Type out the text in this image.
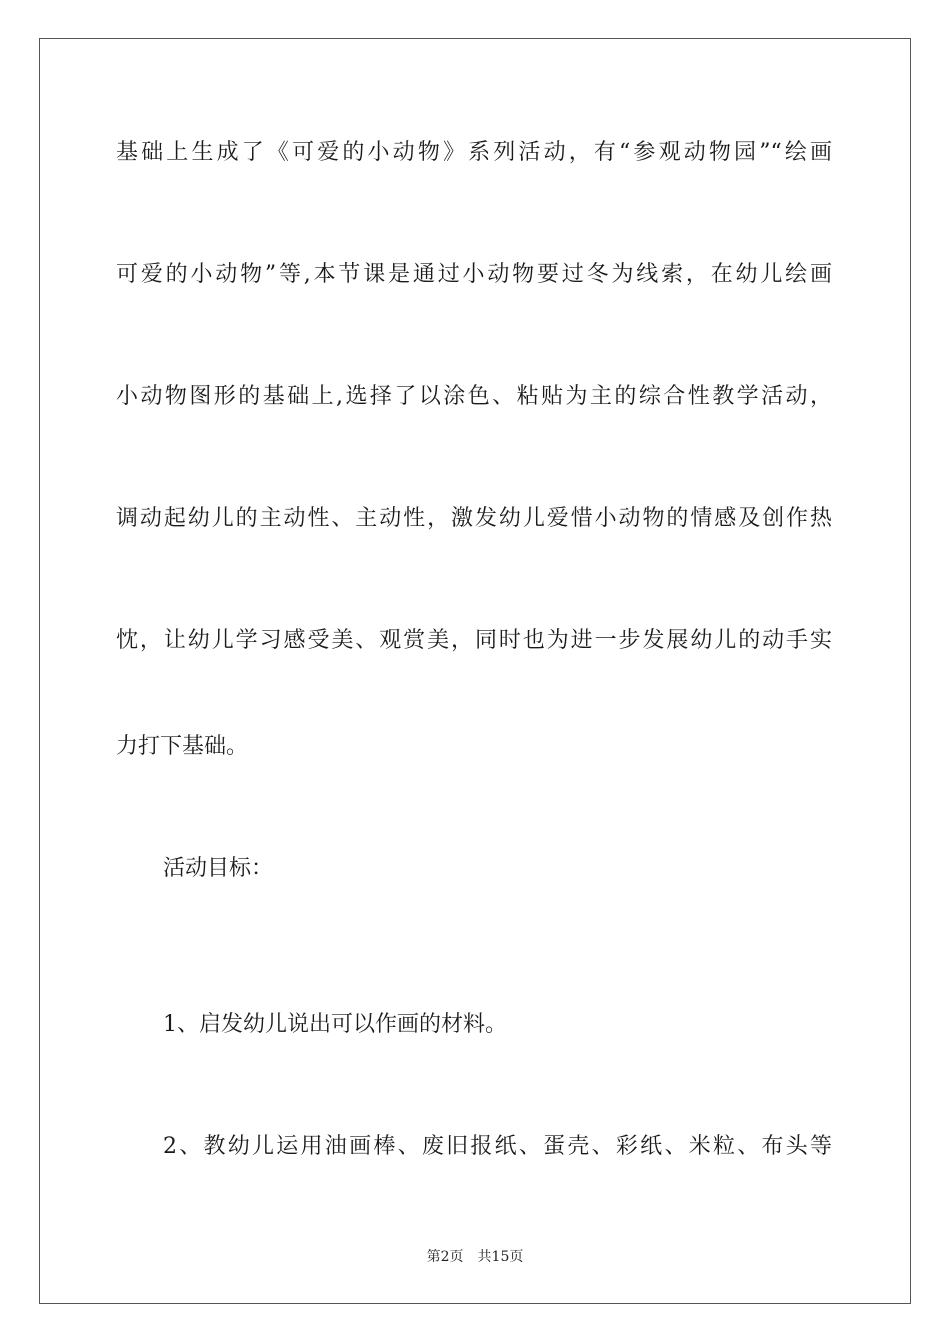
基础上生成了《可爱的小动物》系列活动，有“参观动物园”“绘画
可爱的小动物”等,本节课是通过小动物要过冬为线索，在幼儿绘画
小动物图形的基础上,选择了以涂色、粘贴为主的综合性教学活动，
调动起幼儿的主动性、主动性，激发幼儿爱惜小动物的情感及创作热
忱，让幼儿学习感受美、观赏美，同时也为进一步发展幼儿的动手实
力打下基础。
活动目标：
1、启发幼儿说出可以作画的材料。
2、教幼儿运用油画棒、废旧报纸、蛋壳、彩纸、米粒、布头等
第2页 共15页
